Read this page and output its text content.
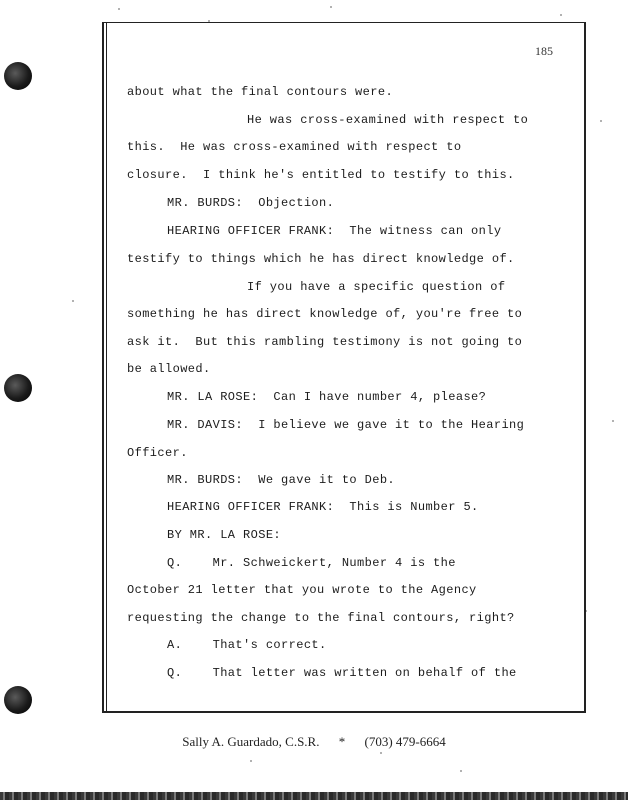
185
about what the final contours were.
He was cross-examined with respect to
this.  He was cross-examined with respect to
closure.  I think he's entitled to testify to this.
MR. BURDS:  Objection.
HEARING OFFICER FRANK:  The witness can only
testify to things which he has direct knowledge of.
If you have a specific question of
something he has direct knowledge of, you're free to
ask it.  But this rambling testimony is not going to
be allowed.
MR. LA ROSE:  Can I have number 4, please?
MR. DAVIS:  I believe we gave it to the Hearing
Officer.
MR. BURDS:  We gave it to Deb.
HEARING OFFICER FRANK:  This is Number 5.
BY MR. LA ROSE:
Q.    Mr. Schweickert, Number 4 is the
October 21 letter that you wrote to the Agency
requesting the change to the final contours, right?
A.    That's correct.
Q.    That letter was written on behalf of the
Sally A. Guardado, C.S.R. * (703) 479-6664
